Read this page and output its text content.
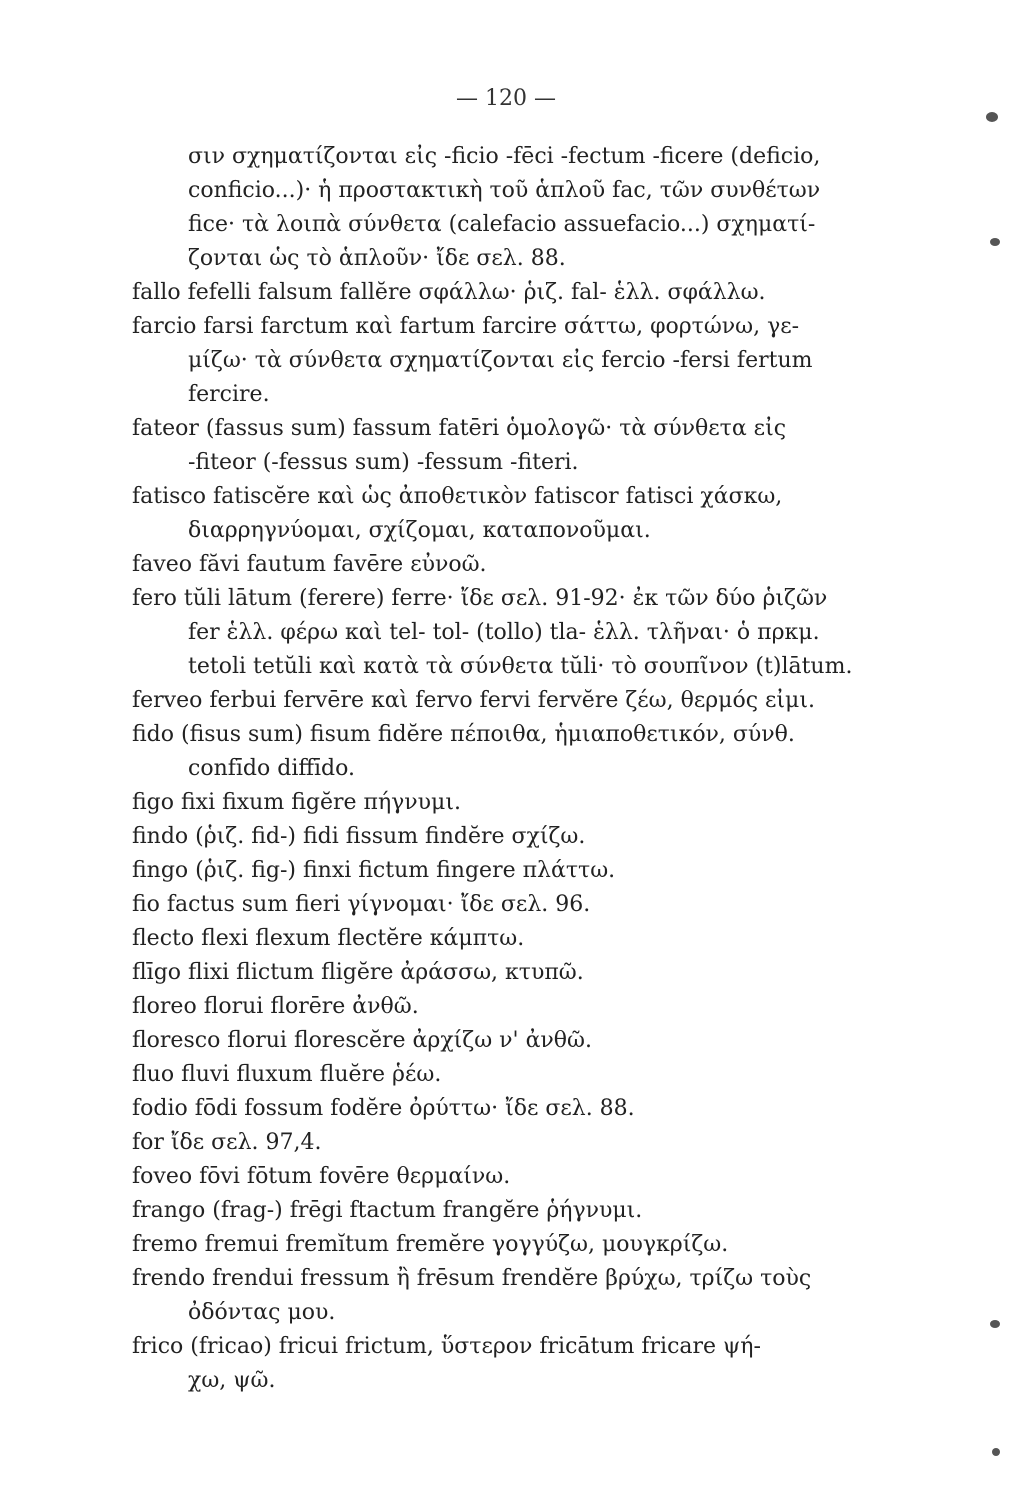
— 120 —
σιν σχηματίζονται εἰς -ficio -fēci -fectum -ficere (deficio,
conficio...)· ἡ προστακτικὴ τοῦ ἁπλοῦ fac, τῶν συνθέτων
fice· τὰ λοιπὰ σύνθετα (calefacio assuefacio...) σχηματί-
ζονται ὡς τὸ ἁπλοῦν· ἴδε σελ. 88.
fallo fefelli falsum fallĕre σφάλλω· ῥιζ. fal- ἑλλ. σφάλλω.
farcio farsi farctum καὶ fartum farcire σάττω, φορτώνω, γε-
μίζω· τὰ σύνθετα σχηματίζονται εἰς fercio -fersi fertum
fercire.
fateor (fassus sum) fassum fatēri ὁμολογῶ· τὰ σύνθετα εἰς
-fiteor (-fessus sum) -fessum -fiteri.
fatisco fatiscĕre καὶ ὡς ἀποθετικὸν fatiscor fatisci χάσκω,
διαρρηγνύομαι, σχίζομαι, καταπονοῦμαι.
faveo făvi fautum favēre εὐνοῶ.
fero tŭli lātum (ferere) ferre· ἴδε σελ. 91-92· ἐκ τῶν δύο ῥιζῶν
fer ἑλλ. φέρω καὶ tel- tol- (tollo) tla- ἑλλ. τλῆναι· ὁ πρκμ.
tetoli tetŭli καὶ κατὰ τὰ σύνθετα tŭli· τὸ σουπῖνον (t)lātum.
ferveo ferbui fervēre καὶ fervo fervi fervĕre ζέω, θερμός εἰμι.
fido (fisus sum) fisum fidĕre πέποιθα, ἡμιαποθετικόν, σύνθ.
confīdo diffīdo.
figo fixi fixum figĕre πήγνυμι.
findo (ῥιζ. fid-) fidi fissum findĕre σχίζω.
fingo (ῥιζ. fig-) finxi fictum fingere πλάττω.
fio factus sum fieri γίγνομαι· ἴδε σελ. 96.
flecto flexi flexum flectĕre κάμπτω.
flīgo flixi flictum fligĕre ἀράσσω, κτυπῶ.
floreo florui florēre ἀνθῶ.
floresco florui florescĕre ἀρχίζω ν' ἀνθῶ.
fluo fluvi fluxum fluĕre ῥέω.
fodio fōdi fossum fodĕre ὀρύττω· ἴδε σελ. 88.
for ἴδε σελ. 97,4.
foveo fōvi fōtum fovēre θερμαίνω.
frango (frag-) frēgi ftactum frangĕre ῥήγνυμι.
fremo fremui fremĭtum fremĕre γογγύζω, μουγκρίζω.
frendo frendui fressum ἢ frēsum frendĕre βρύχω, τρίζω τοὺς
ὀδόντας μου.
frico (fricao) fricui frictum, ὕστερον fricātum fricare ψή-
χω, ψῶ.
